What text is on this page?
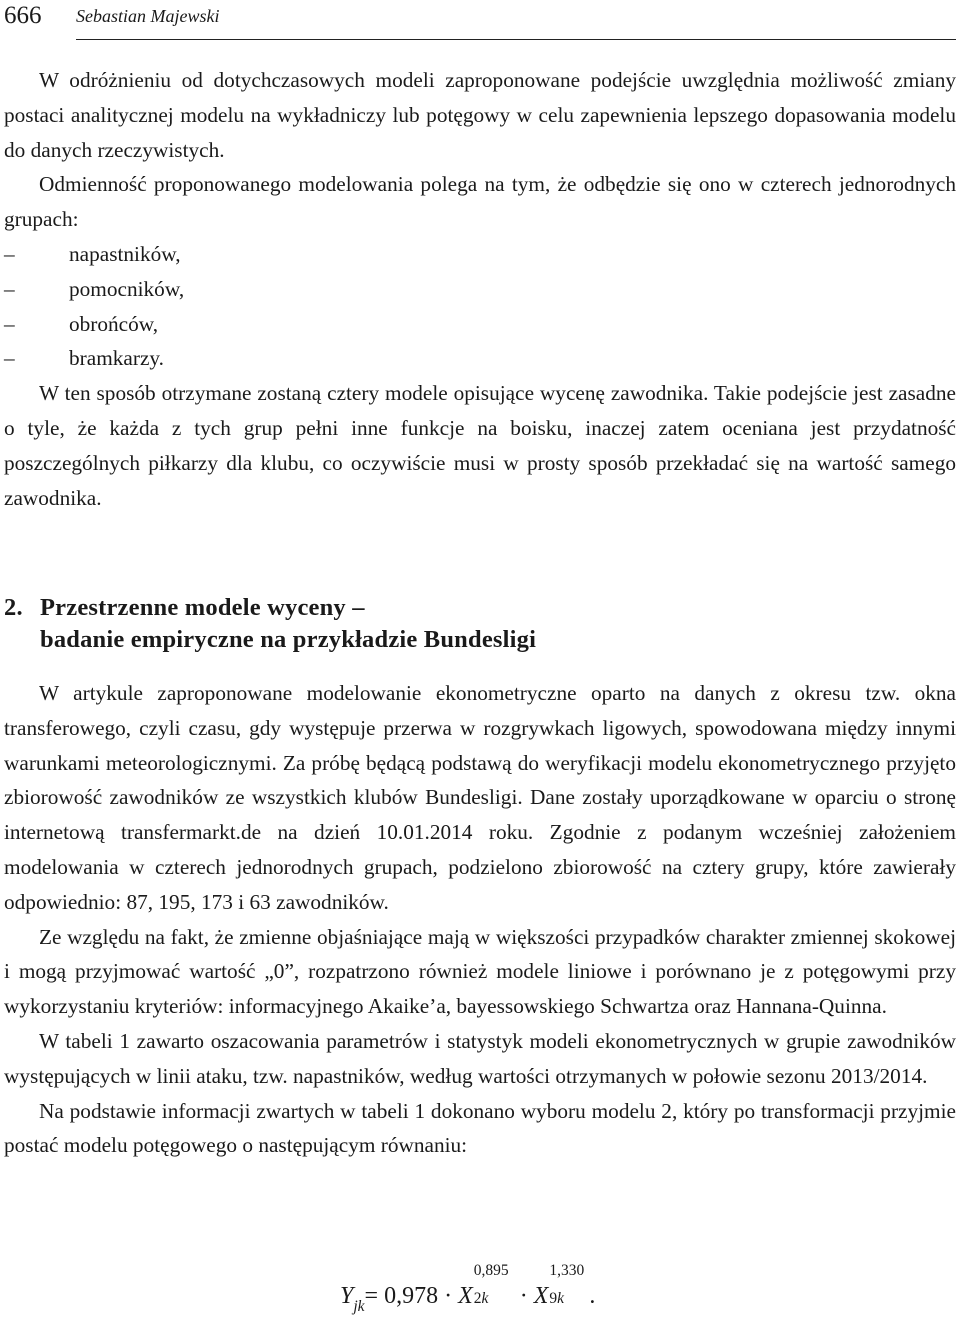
666 Sebastian Majewski

W odróżnieniu od dotychczasowych modeli zaproponowane podejście uwzględnia możliwość zmiany postaci analitycznej modelu na wykładniczy lub potęgowy w celu zapewnienia lepszego dopasowania modelu do danych rzeczywistych.

Odmienność proponowanego modelowania polega na tym, że odbędzie się ono w czterech jednorodnych grupach:

–	napastników,
–	pomocników,
–	obrońców,
–	bramkarzy.

W ten sposób otrzymane zostaną cztery modele opisujące wycenę zawodnika. Takie podejście jest zasadne o tyle, że każda z tych grup pełni inne funkcje na boisku, inaczej zatem oceniana jest przydatność poszczególnych piłkarzy dla klubu, co oczywiście musi w prosty sposób przekładać się na wartość samego zawodnika.

2. Przestrzenne modele wyceny –
badanie empiryczne na przykładzie Bundesligi

W artykule zaproponowane modelowanie ekonometryczne oparto na danych z okresu tzw. okna transferowego, czyli czasu, gdy występuje przerwa w rozgrywkach ligowych, spowodowana między innymi warunkami meteorologicznymi. Za próbę będącą podstawą do weryfikacji modelu ekonometrycznego przyjęto zbiorowość zawodników ze wszystkich klubów Bundesligi. Dane zostały uporządkowane w oparciu o stronę internetową transfermarkt.de na dzień 10.01.2014 roku. Zgodnie z podanym wcześniej założeniem modelowania w czterech jednorodnych grupach, podzielono zbiorowość na cztery grupy, które zawierały odpowiednio: 87, 195, 173 i 63 zawodników.

Ze względu na fakt, że zmienne objaśniające mają w większości przypadków charakter zmiennej skokowej i mogą przyjmować wartość „0”, rozpatrzono również modele liniowe i porównano je z potęgowymi przy wykorzystaniu kryteriów: informacyjnego Akaike’a, bayessowskiego Schwartza oraz Hannana-Quinna.

W tabeli 1 zawarto oszacowania parametrów i statystyk modeli ekonometrycznych w grupie zawodników występujących w linii ataku, tzw. napastników, według wartości otrzymanych w połowie sezonu 2013/2014.

Na podstawie informacji zwartych w tabeli 1 dokonano wyboru modelu 2, który po transformacji przyjmie postać modelu potęgowego o następującym równaniu:

$Y_{jk}= 0,978 \cdot X$
0,895
2k · X
1,330
9k .
